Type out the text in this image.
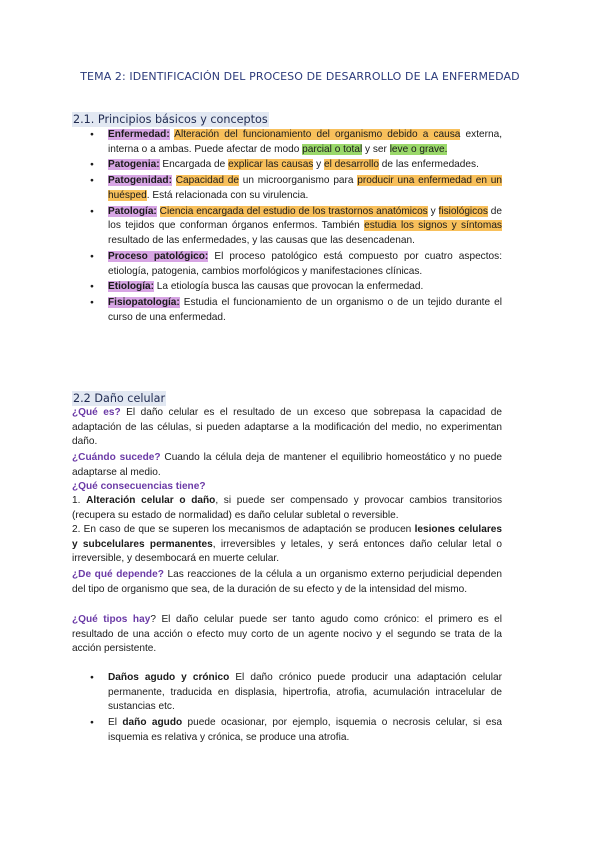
TEMA 2: IDENTIFICACIÓN DEL PROCESO DE DESARROLLO DE LA ENFERMEDAD
2.1. Principios básicos y conceptos
● Enfermedad: Alteración del funcionamiento del organismo debido a causa externa, interna o a ambas. Puede afectar de modo parcial o total y ser leve o grave.
● Patogenia: Encargada de explicar las causas y el desarrollo de las enfermedades.
● Patogenidad: Capacidad de un microorganismo para producir una enfermedad en un huésped. Está relacionada con su virulencia.
● Patología: Ciencia encargada del estudio de los trastornos anatómicos y fisiológicos de los tejidos que conforman órganos enfermos. También estudia los signos y síntomas resultado de las enfermedades, y las causas que las desencadenan.
● Proceso patológico: El proceso patológico está compuesto por cuatro aspectos: etiología, patogenia, cambios morfológicos y manifestaciones clínicas.
● Etiología: La etiología busca las causas que provocan la enfermedad.
● Fisiopatología: Estudia el funcionamiento de un organismo o de un tejido durante el curso de una enfermedad.
2.2 Daño celular

¿Qué es? El daño celular es el resultado de un exceso que sobrepasa la capacidad de adaptación de las células, si pueden adaptarse a la modificación del medio, no experimentan daño.

¿Cuándo sucede? Cuando la célula deja de mantener el equilibrio homeostático y no puede adaptarse al medio.

¿Qué consecuencias tiene?

1. Alteración celular o daño, si puede ser compensado y provocar cambios transitorios (recupera su estado de normalidad) es daño celular subletal o reversible.

2. En caso de que se superen los mecanismos de adaptación se producen lesiones celulares y subcelulares permanentes, irreversibles y letales, y será entonces daño celular letal o irreversible, y desembocará en muerte celular.

¿De qué depende? Las reacciones de la célula a un organismo externo perjudicial dependen del tipo de organismo que sea, de la duración de su efecto y de la intensidad del mismo.

¿Qué tipos hay? El daño celular puede ser tanto agudo como crónico: el primero es el resultado de una acción o efecto muy corto de un agente nocivo y el segundo se trata de la acción persistente.

● Daños agudo y crónico El daño crónico puede producir una adaptación celular permanente, traducida en displasia, hipertrofia, atrofia, acumulación intracelular de sustancias etc.
● El daño agudo puede ocasionar, por ejemplo, isquemia o necrosis celular, si esa isquemia es relativa y crónica, se produce una atrofia.
